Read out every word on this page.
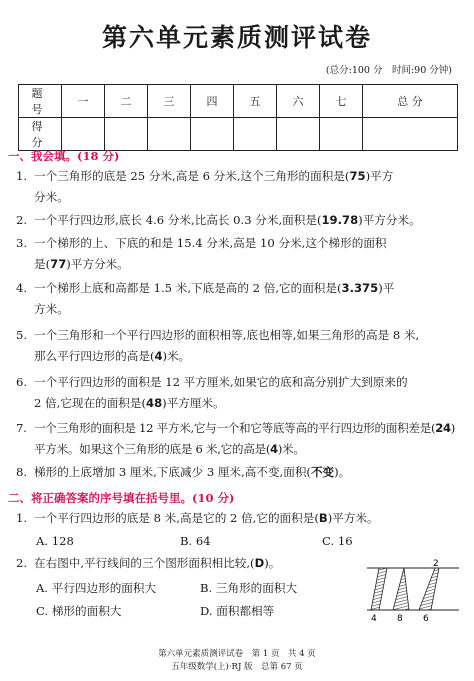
第六单元素质测评试卷
(总分:100 分　时间:90 分钟)
题 号	一	二	三	四	五	六	七	总 分
得 分								
一、我会填。(18 分)
1. 一个三角形的底是 25 分米,高是 6 分米,这个三角形的面积是(75)平方
分米。
2. 一个平行四边形,底长 4.6 分米,比高长 0.3 分米,面积是(19.78)平方分米。
3. 一个梯形的上、下底的和是 15.4 分米,高是 10 分米,这个梯形的面积
是(77)平方分米。
4. 一个梯形上底和高都是 1.5 米,下底是高的 2 倍,它的面积是(3.375)平
方米。
5. 一个三角形和一个平行四边形的面积相等,底也相等,如果三角形的高是 8 米,
那么平行四边形的高是(4)米。
6. 一个平行四边形的面积是 12 平方厘米,如果它的底和高分别扩大到原来的
2 倍,它现在的面积是(48)平方厘米。
7. 一个三角形的面积是 12 平方米,它与一个和它等底等高的平行四边形的面积差是(24)
平方米。如果这个三角形的底是 6 米,它的高是(4)米。
8. 梯形的上底增加 3 厘米,下底减少 3 厘米,高不变,面积(不变)。
二、将正确答案的序号填在括号里。(10 分)
1. 一个平行四边形的底是 8 米,高是它的 2 倍,它的面积是(B)平方米。
A. 128	B. 64	C. 16
2. 在右图中,平行线间的三个图形面积相比较,(D)。
A. 平行四边形的面积大	B. 三角形的面积大
C. 梯形的面积大	D. 面积都相等
2
4 8 6
第六单元素质测评试卷　第 1 页　共 4 页
五年级数学(上)·RJ 版　总第 67 页
